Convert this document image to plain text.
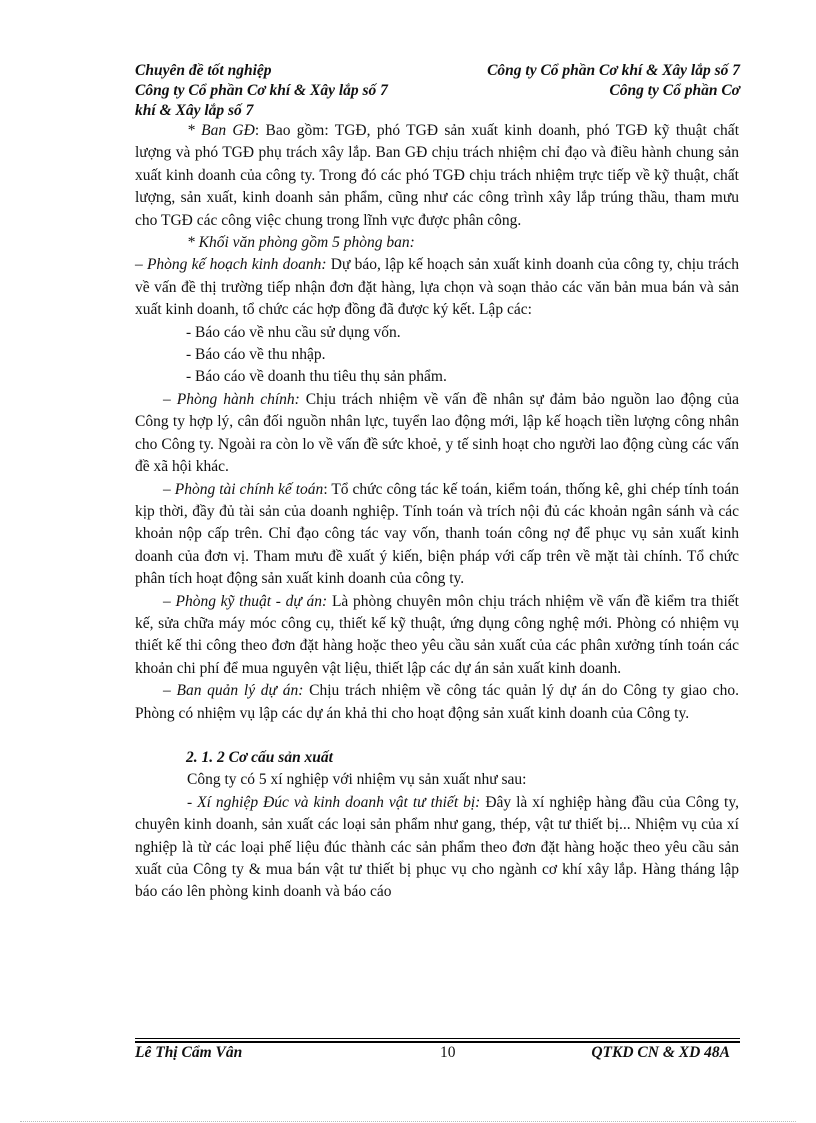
Chuyên đề tốt nghiệp	Công ty Cổ phần Cơ khí & Xây lắp số 7
Công ty Cổ phần Cơ khí & Xây lắp số 7	Công ty Cổ phần Cơ
khí & Xây lắp số 7

* Ban GĐ: Bao gồm: TGĐ, phó TGĐ sản xuất kinh doanh, phó TGĐ kỹ thuật chất lượng và phó TGĐ phụ trách xây lắp. Ban GĐ chịu trách nhiệm chỉ đạo và điều hành chung sản xuất kinh doanh của công ty. Trong đó các phó TGĐ chịu trách nhiệm trực tiếp về kỹ thuật, chất lượng, sản xuất, kinh doanh sản phẩm, cũng như các công trình xây lắp trúng thầu, tham mưu cho TGĐ các công việc chung trong lĩnh vực được phân công.

* Khối văn phòng gồm 5 phòng ban:

– Phòng kế hoạch kinh doanh: Dự báo, lập kế hoạch sản xuất kinh doanh của công ty, chịu trách về vấn đề thị trường tiếp nhận đơn đặt hàng, lựa chọn và soạn thảo các văn bản mua bán và sản xuất kinh doanh, tổ chức các hợp đồng đã được ký kết. Lập các:

- Báo cáo về nhu cầu sử dụng vốn.

- Báo cáo về thu nhập.

- Báo cáo về doanh thu tiêu thụ sản phẩm.

– Phòng hành chính: Chịu trách nhiệm về vấn đề nhân sự đảm bảo nguồn lao động của Công ty hợp lý, cân đối nguồn nhân lực, tuyển lao động mới, lập kế hoạch tiền lượng công nhân cho Công ty. Ngoài ra còn lo về vấn đề sức khoẻ, y tế sinh hoạt cho người lao động cùng các vấn đề xã hội khác.

– Phòng tài chính kế toán: Tổ chức công tác kế toán, kiểm toán, thống kê, ghi chép tính toán kịp thời, đầy đủ tài sản của doanh nghiệp. Tính toán và trích nội đủ các khoản ngân sánh và các khoản nộp cấp trên. Chỉ đạo công tác vay vốn, thanh toán công nợ để phục vụ sản xuất kinh doanh của đơn vị. Tham mưu đề xuất ý kiến, biện pháp với cấp trên về mặt tài chính. Tổ chức phân tích hoạt động sản xuất kinh doanh của công ty.

– Phòng kỹ thuật - dự án: Là phòng chuyên môn chịu trách nhiệm về vấn đề kiểm tra thiết kế, sửa chữa máy móc công cụ, thiết kế kỹ thuật, ứng dụng công nghệ mới. Phòng có nhiệm vụ thiết kế thi công theo đơn đặt hàng hoặc theo yêu cầu sản xuất của các phân xưởng tính toán các khoản chi phí để mua nguyên vật liệu, thiết lập các dự án sản xuất kinh doanh.

– Ban quản lý dự án: Chịu trách nhiệm về công tác quản lý dự án do Công ty giao cho. Phòng có nhiệm vụ lập các dự án khả thi cho hoạt động sản xuất kinh doanh của Công ty.

2. 1. 2 Cơ cấu sản xuất

Công ty có 5 xí nghiệp với nhiệm vụ sản xuất như sau:

- Xí nghiệp Đúc và kinh doanh vật tư thiết bị: Đây là xí nghiệp hàng đầu của Công ty, chuyên kinh doanh, sản xuất các loại sản phẩm như gang, thép, vật tư thiết bị... Nhiệm vụ của xí nghiệp là từ các loại phế liệu đúc thành các sản phẩm theo đơn đặt hàng hoặc theo yêu cầu sản xuất của Công ty & mua bán vật tư thiết bị phục vụ cho ngành cơ khí xây lắp. Hàng tháng lập báo cáo lên phòng kinh doanh và báo cáo

Lê Thị Cẩm Vân	10	QTKD CN & XD 48A
